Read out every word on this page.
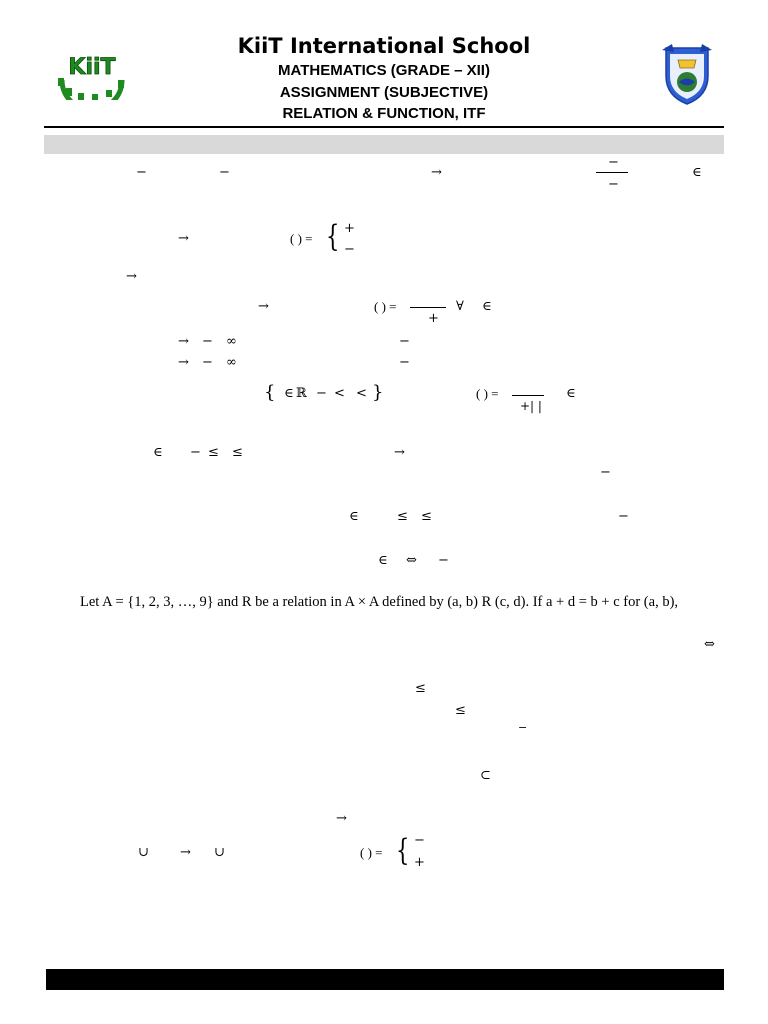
KiiT
KiiT International School
MATHEMATICS (GRADE – XII)
ASSIGNMENT (SUBJECTIVE)
RELATION & FUNCTION, ITF
−	−	→
−
−
∈
→	( ) = { +
−
→
→	( ) =
+
∀ ∈
→ − ∞	−
→ − ∞	−
{ ∈ ℝ − < < }	( ) =
+| |
∈
∈ − ≤ ≤	→
−
∈	≤ ≤	−
∈ ⇔ −
Let A = {1, 2, 3, …, 9} and R be a relation in A × A defined by (a, b) R (c, d). If a + d = b + c for (a, b),
⇔
≤
≤
−
⊂
→
∪ → ∪	( ) = { −
+
